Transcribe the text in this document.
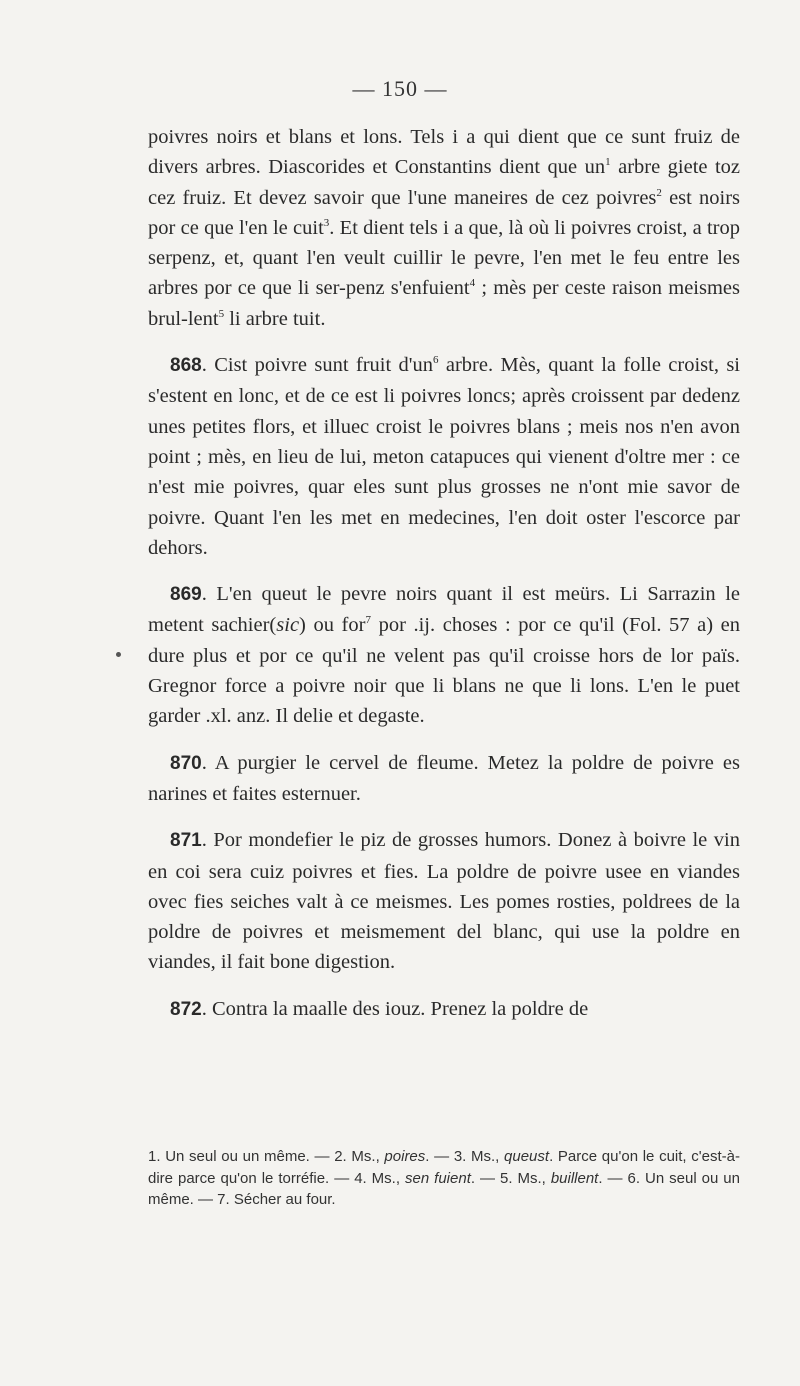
— 150 —

poivres noirs et blans et lons. Tels i a qui dient que ce sunt fruiz de divers arbres. Diascorides et Constantins dient que $un^1$ arbre giete toz cez fruiz. Et devez savoir que l'une maneires de cez poivres$^2$ est noirs por ce que l'en le cuit$^3$. Et dient tels i a que, là où li poivres croist, a trop serpenz, et, quant l'en veult cuillir le pevre, l'en met le feu entre les arbres por ce que li ser-penz s'enfuient$^4$ ; mès per ceste raison meismes brul-lent$^5$ li arbre tuit.

868. Cist poivre sunt fruit $d'un^6$ arbre. Mès, quant la folle croist, si s'estent en lonc, et de ce est li poivres loncs; après croissent par dedenz unes petites flors, et illuec croist le poivres blans ; meis nos n'en avon point ; mès, en lieu de lui, meton catapuces qui vienent d'oltre mer : ce n'est mie poivres, quar eles sunt plus grosses ne n'ont mie savor de poivre. Quant l'en les met en medecines, l'en doit oster l'escorce par dehors.

869. L'en queut le pevre noirs quant il est meürs. Li Sarrazin le metent sachier(sic) ou for$^7$ por .ij. choses : por ce qu'il (Fol. 57 a) en dure plus et por ce qu'il ne velent pas qu'il croisse hors de lor païs. Gregnor force a poivre noir que li blans ne que li lons. L'en le puet garder .xl. anz. Il delie et degaste.

870. A purgier le cervel de fleume. Metez la poldre de poivre es narines et faites esternuer.

871. Por mondefier le piz de grosses humors. Donez à boivre le vin en coi sera cuiz poivres et fies. La poldre de poivre usee en viandes ovec fies seiches valt à ce meismes. Les pomes rosties, poldrees de la poldre de poivres et meismement del blanc, qui use la poldre en viandes, il fait bone digestion.

872. Contra la maalle des iouz. Prenez la poldre de

1. Un seul ou un même. — 2. Ms., poires. — 3. Ms., queust. Parce qu'on le cuit, c'est-à-dire parce qu'on le torréfie. — 4. Ms., sen fuient. — 5. Ms., buillent. — 6. Un seul ou un même. — 7. Sécher au four.
